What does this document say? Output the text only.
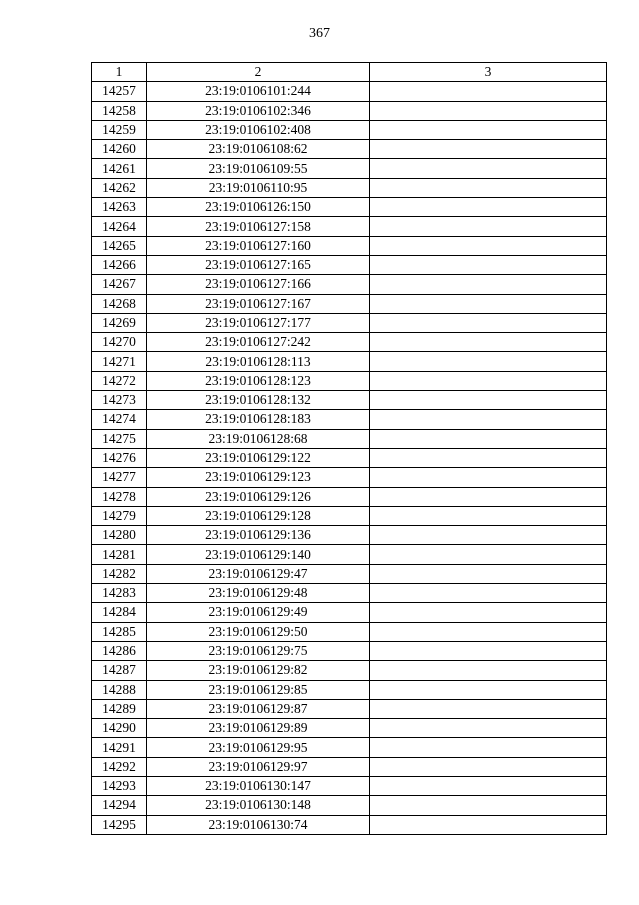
367
1	2	3
14257	23:19:0106101:244	
14258	23:19:0106102:346	
14259	23:19:0106102:408	
14260	23:19:0106108:62	
14261	23:19:0106109:55	
14262	23:19:0106110:95	
14263	23:19:0106126:150	
14264	23:19:0106127:158	
14265	23:19:0106127:160	
14266	23:19:0106127:165	
14267	23:19:0106127:166	
14268	23:19:0106127:167	
14269	23:19:0106127:177	
14270	23:19:0106127:242	
14271	23:19:0106128:113	
14272	23:19:0106128:123	
14273	23:19:0106128:132	
14274	23:19:0106128:183	
14275	23:19:0106128:68	
14276	23:19:0106129:122	
14277	23:19:0106129:123	
14278	23:19:0106129:126	
14279	23:19:0106129:128	
14280	23:19:0106129:136	
14281	23:19:0106129:140	
14282	23:19:0106129:47	
14283	23:19:0106129:48	
14284	23:19:0106129:49	
14285	23:19:0106129:50	
14286	23:19:0106129:75	
14287	23:19:0106129:82	
14288	23:19:0106129:85	
14289	23:19:0106129:87	
14290	23:19:0106129:89	
14291	23:19:0106129:95	
14292	23:19:0106129:97	
14293	23:19:0106130:147	
14294	23:19:0106130:148	
14295	23:19:0106130:74	
